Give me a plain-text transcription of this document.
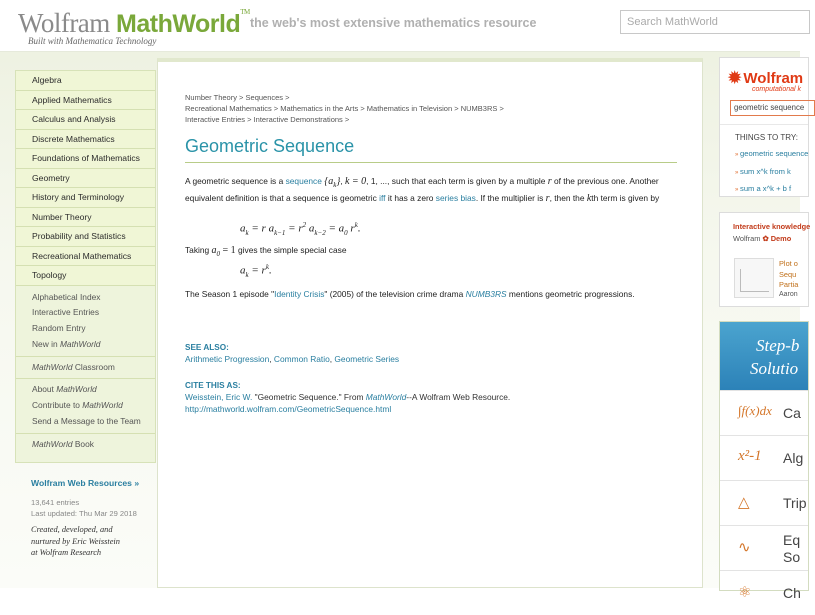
Wolfram MathWorld™
Built with Mathematica Technology
the web's most extensive mathematics resource
Search MathWorld
Algebra
Applied Mathematics
Calculus and Analysis
Discrete Mathematics
Foundations of Mathematics
Geometry
History and Terminology
Number Theory
Probability and Statistics
Recreational Mathematics
Topology
Alphabetical Index
Interactive Entries
Random Entry
New in MathWorld
MathWorld Classroom
About MathWorld
Contribute to MathWorld
Send a Message to the Team
MathWorld Book
Wolfram Web Resources »
13,641 entries
Last updated: Thu Mar 29 2018
Created, developed, and
nurtured by Eric Weisstein
at Wolfram Research
Number Theory > Sequences >
Recreational Mathematics > Mathematics in the Arts > Mathematics in Television > NUMB3RS >
Interactive Entries > Interactive Demonstrations >
Geometric Sequence
A geometric sequence is a sequence $\{a_k\}$, k = 0, 1, ..., such that each term is given by a multiple r of the previous one. Another equivalent definition is that a sequence is geometric iff it has a zero series bias. If the multiplier is r, then the kth term is given by
$a_k = r$ $a_{k-1} = r^2$ $a_{k-2} = a_0$ $r^k$.
Taking $a_0 = 1$ gives the simple special case
$a_k = r^k$.
The Season 1 episode "Identity Crisis" (2005) of the television crime drama NUMB3RS mentions geometric progressions.
SEE ALSO:
Arithmetic Progression, Common Ratio, Geometric Series
CITE THIS AS:
Weisstein, Eric W. "Geometric Sequence." From MathWorld--A Wolfram Web Resource.
http://mathworld.wolfram.com/GeometricSequence.html
✹ Wolfram
computational k
geometric sequence
THINGS TO TRY:
» geometric sequence
» sum x^k from k
» sum a x^k + b f
Interactive knowledge
Wolfram ✿ Demo
Plot o
Sequ
Partia
Aaron
Step-b
Solutio
∫f(x)dx Ca
x²-1 Alg
△ Trip
∿ Eq
So
⚛ Ch
